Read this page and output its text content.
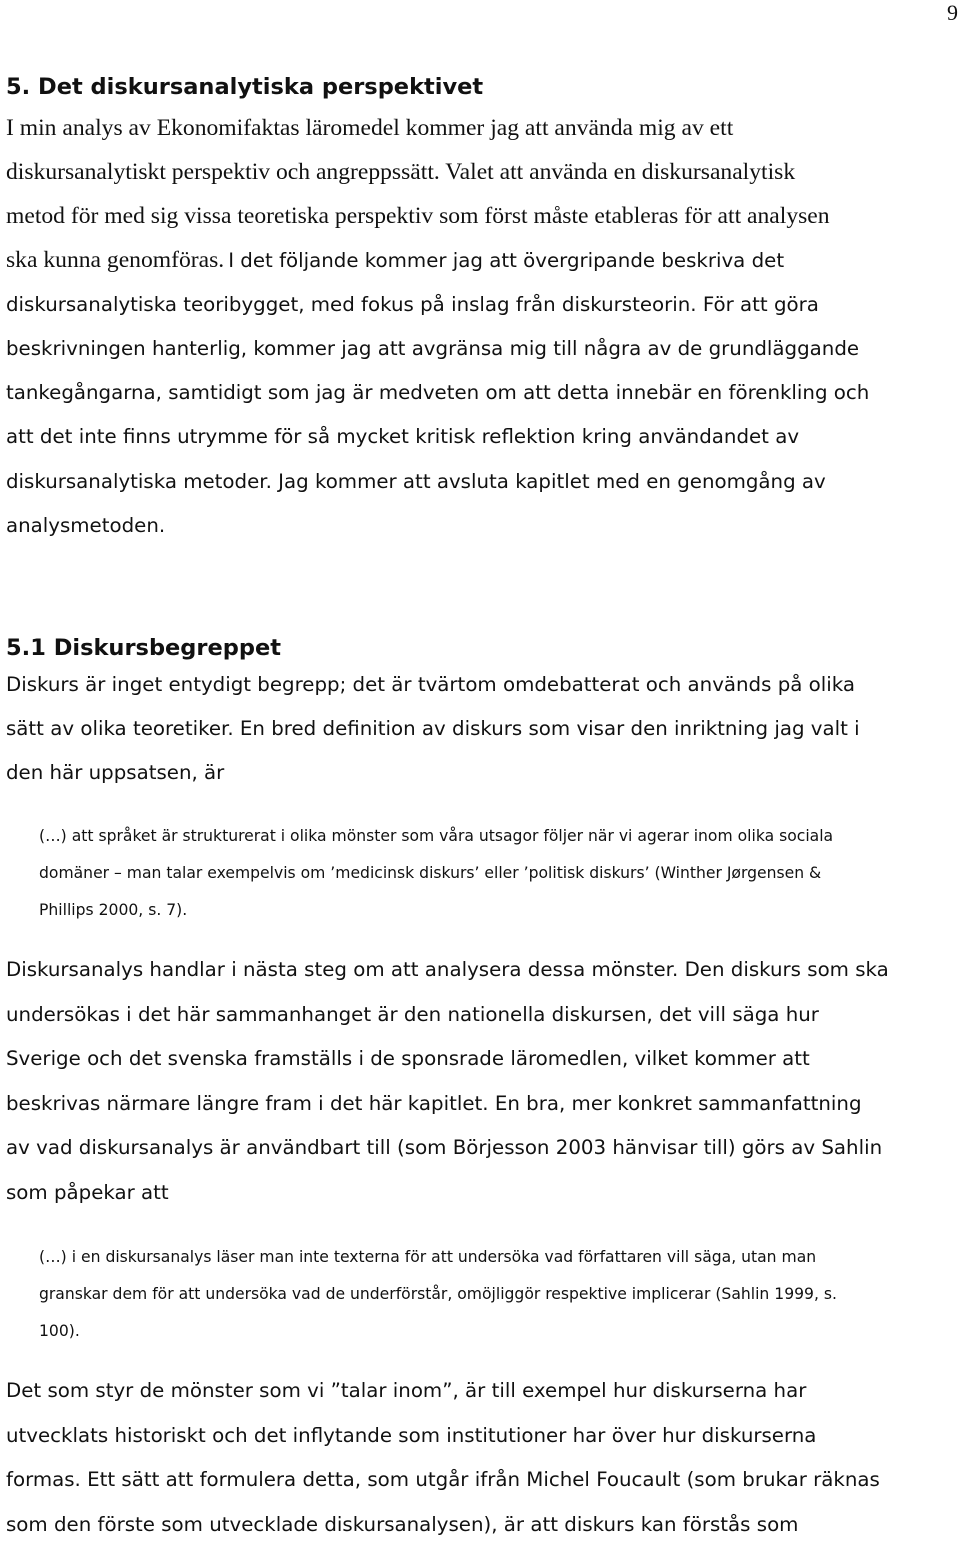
9
5. Det diskursanalytiska perspektivet
I min analys av Ekonomifaktas läromedel kommer jag att använda mig av ett
diskursanalytiskt perspektiv och angreppssätt. Valet att använda en diskursanalytisk
metod för med sig vissa teoretiska perspektiv som först måste etableras för att analysen
ska kunna genomföras. I det följande kommer jag att övergripande beskriva det
diskursanalytiska teoribygget, med fokus på inslag från diskursteorin. För att göra
beskrivningen hanterlig, kommer jag att avgränsa mig till några av de grundläggande
tankegångarna, samtidigt som jag är medveten om att detta innebär en förenkling och
att det inte finns utrymme för så mycket kritisk reflektion kring användandet av
diskursanalytiska metoder. Jag kommer att avsluta kapitlet med en genomgång av
analysmetoden.
5.1 Diskursbegreppet
Diskurs är inget entydigt begrepp; det är tvärtom omdebatterat och används på olika
sätt av olika teoretiker. En bred definition av diskurs som visar den inriktning jag valt i
den här uppsatsen, är
(…) att språket är strukturerat i olika mönster som våra utsagor följer när vi agerar inom olika sociala
domäner – man talar exempelvis om ’medicinsk diskurs’ eller ’politisk diskurs’ (Winther Jørgensen &
Phillips 2000, s. 7).
Diskursanalys handlar i nästa steg om att analysera dessa mönster. Den diskurs som ska
undersökas i det här sammanhanget är den nationella diskursen, det vill säga hur
Sverige och det svenska framställs i de sponsrade läromedlen, vilket kommer att
beskrivas närmare längre fram i det här kapitlet. En bra, mer konkret sammanfattning
av vad diskursanalys är användbart till (som Börjesson 2003 hänvisar till) görs av Sahlin
som påpekar att
(…) i en diskursanalys läser man inte texterna för att undersöka vad författaren vill säga, utan man
granskar dem för att undersöka vad de underförstår, omöjliggör respektive implicerar (Sahlin 1999, s.
100).
Det som styr de mönster som vi ”talar inom”, är till exempel hur diskurserna har
utvecklats historiskt och det inflytande som institutioner har över hur diskurserna
formas. Ett sätt att formulera detta, som utgår ifrån Michel Foucault (som brukar räknas
som den förste som utvecklade diskursanalysen), är att diskurs kan förstås som
